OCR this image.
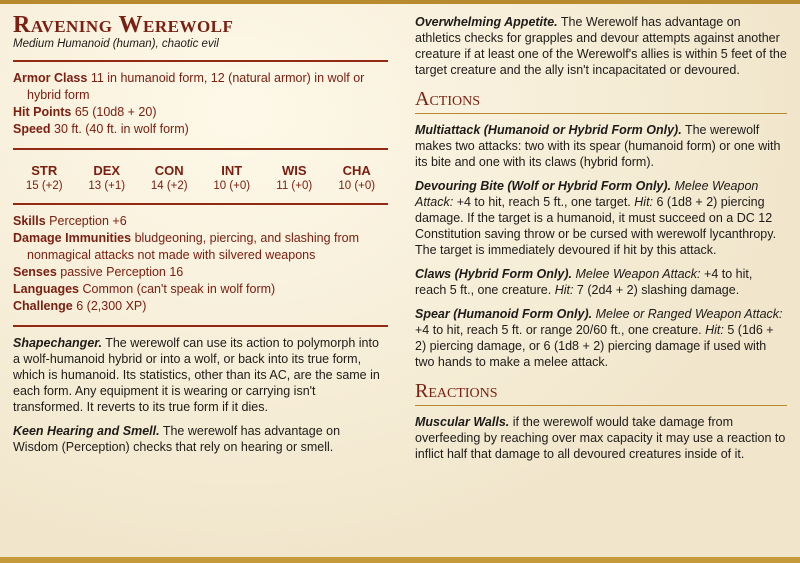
Ravening Werewolf
Medium Humanoid (human), chaotic evil
Armor Class 11 in humanoid form, 12 (natural armor) in wolf or hybrid form
Hit Points 65 (10d8 + 20)
Speed 30 ft. (40 ft. in wolf form)
STR
15 (+2)
DEX
13 (+1)
CON
14 (+2)
INT
10 (+0)
WIS
11 (+0)
CHA
10 (+0)
Skills Perception +6
Damage Immunities bludgeoning, piercing, and slashing from nonmagical attacks not made with silvered weapons
Senses passive Perception 16
Languages Common (can't speak in wolf form)
Challenge 6 (2,300 XP)

Shapechanger. The werewolf can use its action to polymorph into a wolf-humanoid hybrid or into a wolf, or back into its true form, which is humanoid. Its statistics, other than its AC, are the same in each form. Any equipment it is wearing or carrying isn't transformed. It reverts to its true form if it dies.

Keen Hearing and Smell. The werewolf has advantage on Wisdom (Perception) checks that rely on hearing or smell.

Overwhelming Appetite. The Werewolf has advantage on athletics checks for grapples and devour attempts against another creature if at least one of the Werewolf's allies is within 5 feet of the target creature and the ally isn't incapacitated or devoured.

Actions

Multiattack (Humanoid or Hybrid Form Only). The werewolf makes two attacks: two with its spear (humanoid form) or one with its bite and one with its claws (hybrid form).

Devouring Bite (Wolf or Hybrid Form Only). Melee Weapon Attack: +4 to hit, reach 5 ft., one target. Hit: 6 (1d8 + 2) piercing damage. If the target is a humanoid, it must succeed on a DC 12 Constitution saving throw or be cursed with werewolf lycanthropy. The target is immediately devoured if hit by this attack.

Claws (Hybrid Form Only). Melee Weapon Attack: +4 to hit, reach 5 ft., one creature. Hit: 7 (2d4 + 2) slashing damage.

Spear (Humanoid Form Only). Melee or Ranged Weapon Attack: +4 to hit, reach 5 ft. or range 20/60 ft., one creature. Hit: 5 (1d6 + 2) piercing damage, or 6 (1d8 + 2) piercing damage if used with two hands to make a melee attack.

Reactions

Muscular Walls. if the werewolf would take damage from overfeeding by reaching over max capacity it may use a reaction to inflict half that damage to all devoured creatures inside of it.
